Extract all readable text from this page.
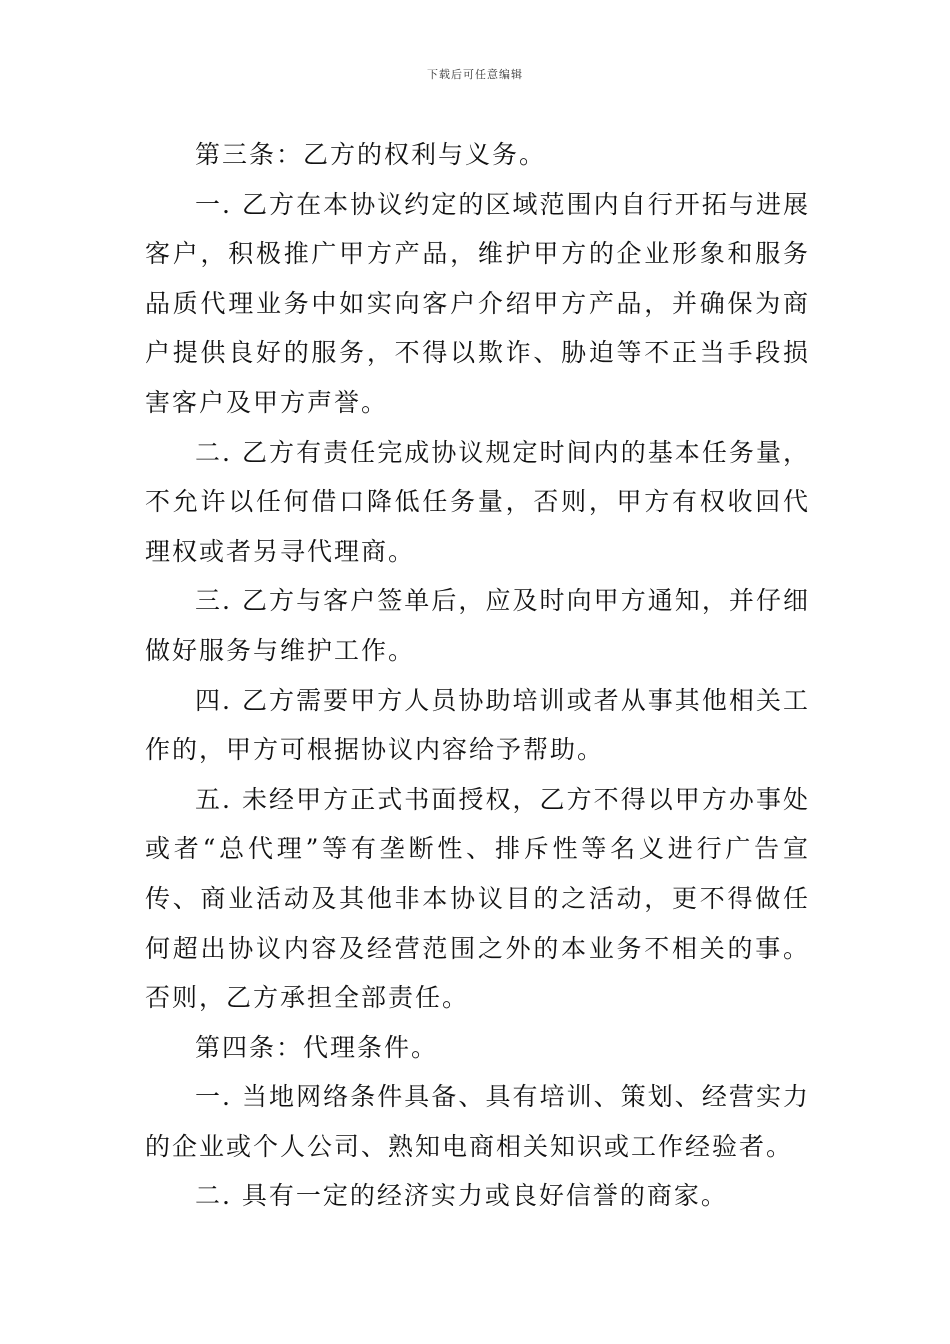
下载后可任意编辑

第三条：乙方的权利与义务。

一. 乙方在本协议约定的区域范围内自行开拓与进展客户，积极推广甲方产品，维护甲方的企业形象和服务品质代理业务中如实向客户介绍甲方产品，并确保为商户提供良好的服务，不得以欺诈、胁迫等不正当手段损害客户及甲方声誉。

二. 乙方有责任完成协议规定时间内的基本任务量，不允许以任何借口降低任务量，否则，甲方有权收回代理权或者另寻代理商。

三. 乙方与客户签单后，应及时向甲方通知，并仔细做好服务与维护工作。

四. 乙方需要甲方人员协助培训或者从事其他相关工作的，甲方可根据协议内容给予帮助。

五. 未经甲方正式书面授权，乙方不得以甲方办事处或者“总代理”等有垄断性、排斥性等名义进行广告宣传、商业活动及其他非本协议目的之活动，更不得做任何超出协议内容及经营范围之外的本业务不相关的事。否则，乙方承担全部责任。

第四条：代理条件。

一. 当地网络条件具备、具有培训、策划、经营实力的企业或个人公司、熟知电商相关知识或工作经验者。

二. 具有一定的经济实力或良好信誉的商家。
